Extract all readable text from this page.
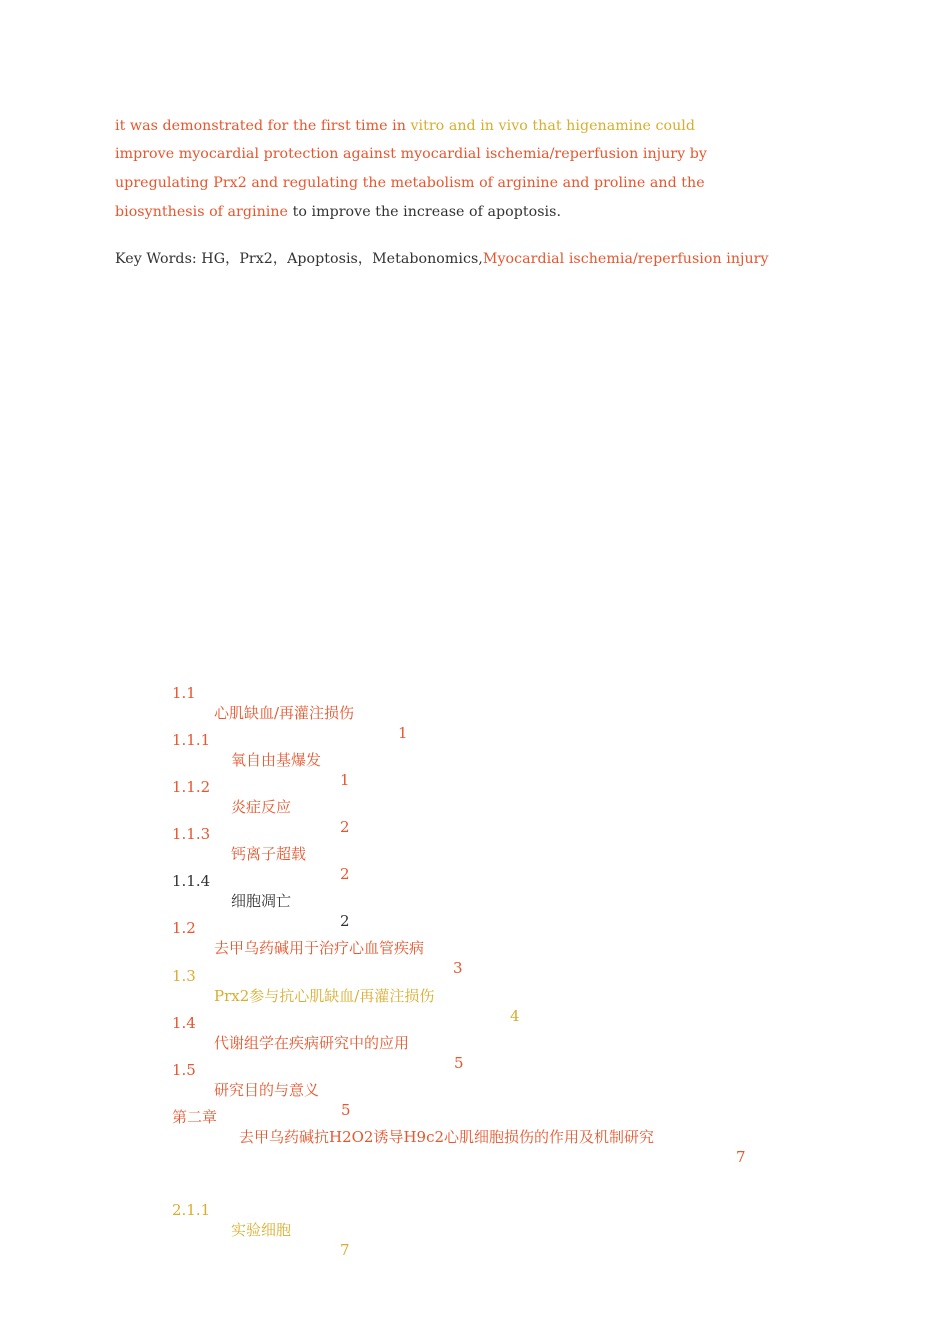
it was demonstrated for the first time in vitro and in vivo that higenamine could
improve myocardial protection against myocardial ischemia/reperfusion injury by
upregulating Prx2 and regulating the metabolism of arginine and proline and the
biosynthesis of arginine to improve the increase of apoptosis.
Key Words: HG，Prx2，Apoptosis，Metabonomics,Myocardial ischemia/reperfusion injury

1.1

心肌缺血/再灌注损伤

1

1.1.1

氧自由基爆发

1

1.1.2

炎症反应

2

1.1.3

钙离子超载

2

1.1.4

细胞凋亡

2

1.2

去甲乌药碱用于治疗心血管疾病

3

1.3

Prx2参与抗心肌缺血/再灌注损伤

4

1.4

代谢组学在疾病研究中的应用

5

1.5

研究目的与意义

5

第二章

去甲乌药碱抗H2O2诱导H9c2心肌细胞损伤的作用及机制研究

7

2.1.1

实验细胞

7
